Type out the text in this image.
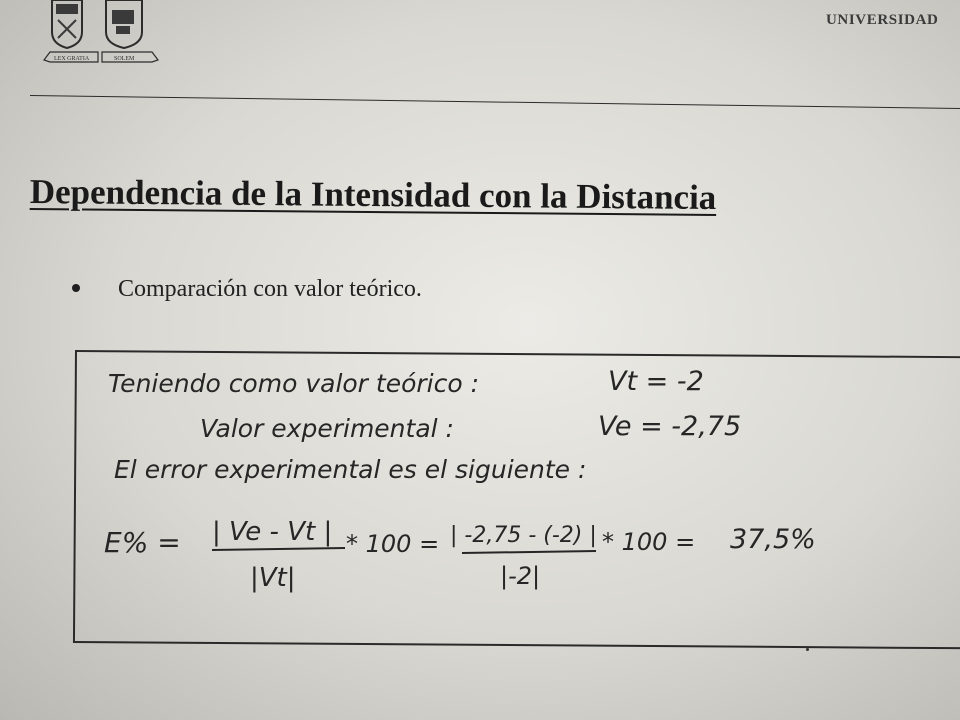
LEX GRATIA	SOLEM
UNIVERSIDAD
Dependencia de la Intensidad con la Distancia
Comparación con valor teórico.
Teniendo como valor teórico :	Vt = -2
Valor experimental :	Ve = -2,75
El error experimental es el siguiente :
E% = | Ve - Vt |
|Vt|
* 100 = | -2,75 - (-2) |
|-2|
* 100 = 37,5%
